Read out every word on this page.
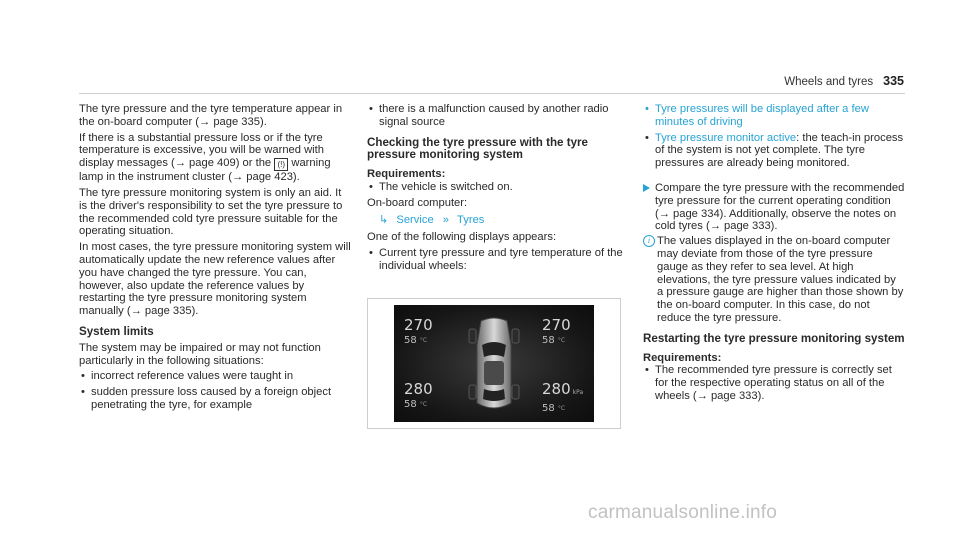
Wheels and tyres 335

The tyre pressure and the tyre temperature appear in the on-board computer (→ page 335).

If there is a substantial pressure loss or if the tyre temperature is excessive, you will be warned with display messages (→ page 409) or the (!) warning lamp in the instrument cluster (→ page 423).

The tyre pressure monitoring system is only an aid. It is the driver's responsibility to set the tyre pressure to the recommended cold tyre pressure suitable for the operating situation.

In most cases, the tyre pressure monitoring system will automatically update the new reference values after you have changed the tyre pressure. You can, however, also update the reference values by restarting the tyre pressure monitoring system manually (→ page 335).

System limits

The system may be impaired or may not function particularly in the following situations:

• incorrect reference values were taught in
• sudden pressure loss caused by a foreign object penetrating the tyre, for example
• there is a malfunction caused by another radio signal source
Checking the tyre pressure with the tyre pressure monitoring system
Requirements:
• The vehicle is switched on.

On-board computer:

↳ Service » Tyres

One of the following displays appears:

• Current tyre pressure and tyre temperature of the individual wheels:
270
58 $^{^\circ C}$
270
58 $^{^\circ C}$
280
58 $^{^\circ C}$
280 kPa
58 $^{^\circ C}$
• Tyre pressures will be displayed after a few minutes of driving
• Tyre pressure monitor active: the teach-in process of the system is not yet complete. The tyre pressures are already being monitored.
Compare the tyre pressure with the recommended tyre pressure for the current operating condition (→ page 334). Additionally, observe the notes on cold tyres (→ page 333).
i The values displayed in the on-board computer may deviate from those of the tyre pressure gauge as they refer to sea level. At high elevations, the tyre pressure values indicated by a pressure gauge are higher than those shown by the on-board computer. In this case, do not reduce the tyre pressure.
Restarting the tyre pressure monitoring system
Requirements:
• The recommended tyre pressure is correctly set for the respective operating status on all of the wheels (→ page 333).
carmanualsonline.info
